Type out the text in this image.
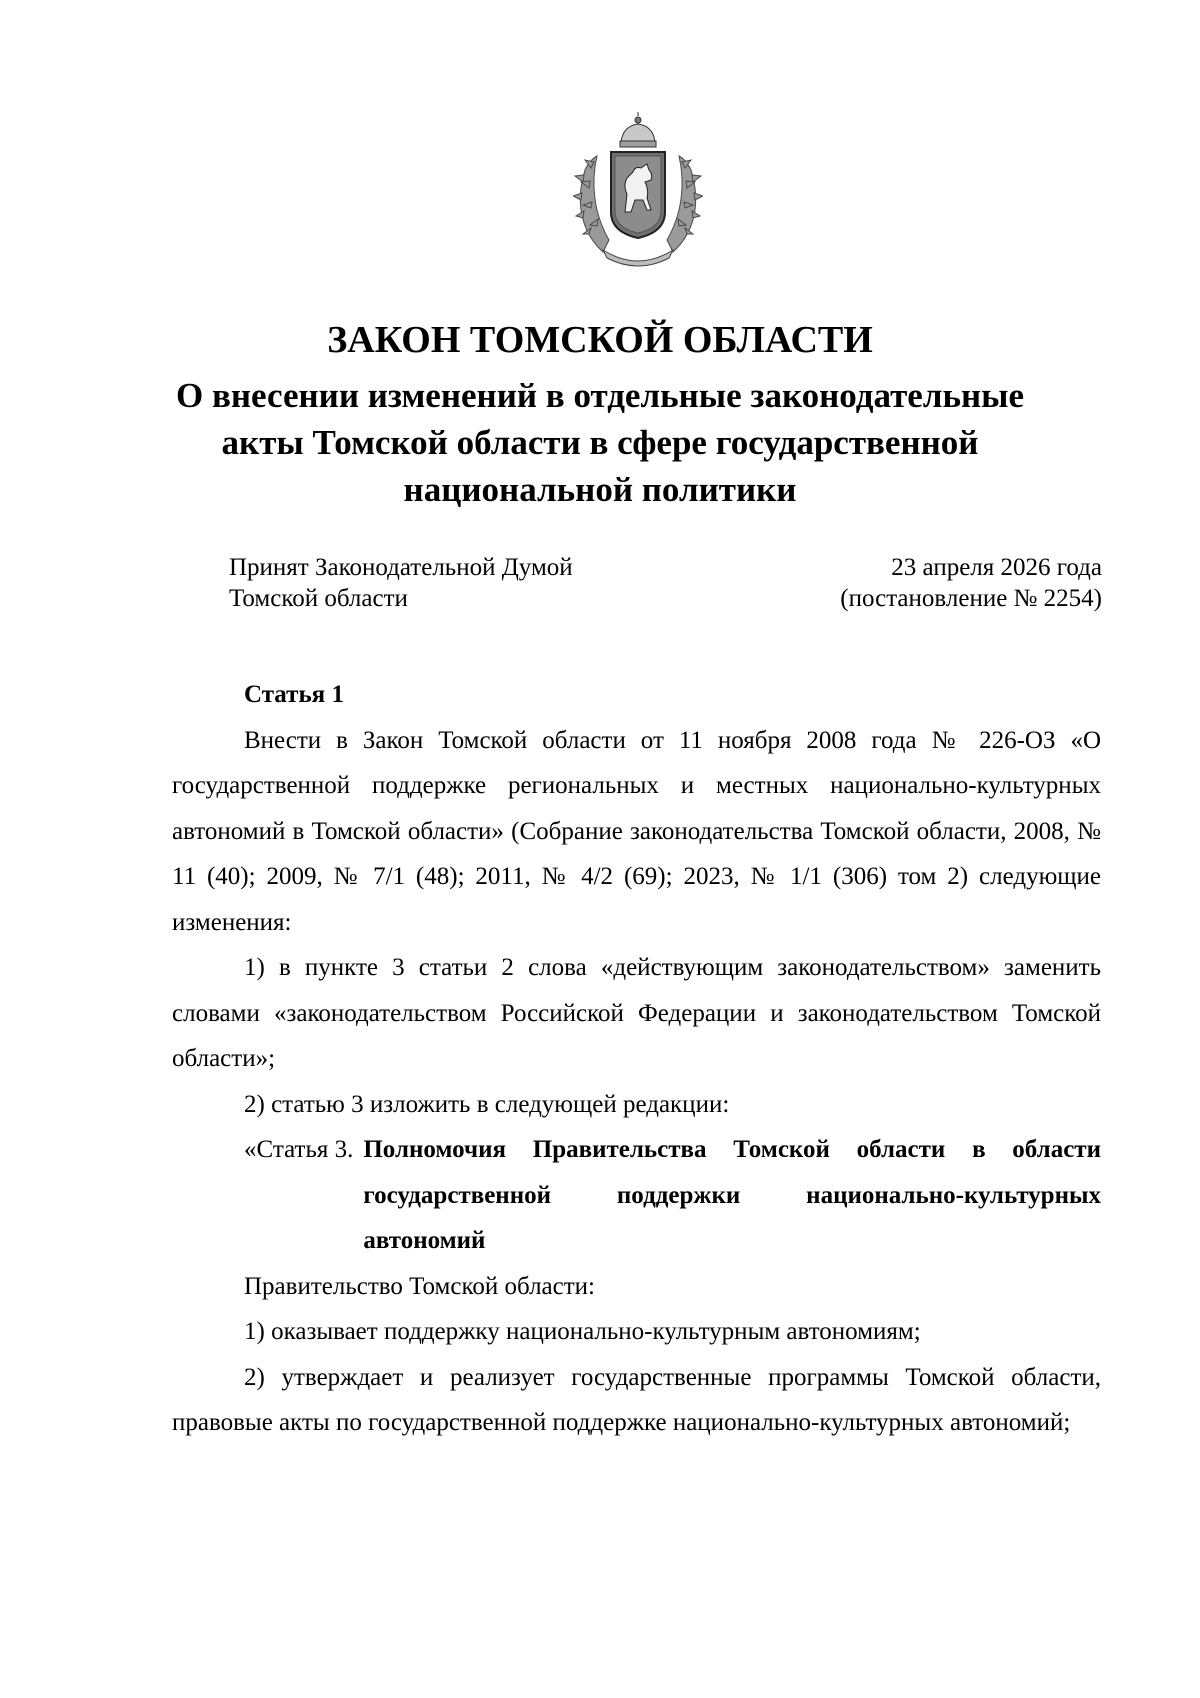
ЗАКОН ТОМСКОЙ ОБЛАСТИ
О внесении изменений в отдельные законодательные акты Томской области в сфере государственной национальной политики
Принят Законодательной Думой
Томской области
23 апреля 2026 года
(постановление № 2254)

Статья 1

Внести в Закон Томской области от 11 ноября 2008 года № 226-ОЗ «О государственной поддержке региональных и местных национально-культурных автономий в Томской области» (Собрание законодательства Томской области, 2008, № 11 (40); 2009, № 7/1 (48); 2011, № 4/2 (69); 2023, № 1/1 (306) том 2) следующие изменения:

1) в пункте 3 статьи 2 слова «действующим законодательством» заменить словами «законодательством Российской Федерации и законодательством Томской области»;

2) статью 3 изложить в следующей редакции:

«Статья 3. Полномочия Правительства Томской области в области государственной поддержки национально-культурных автономий

Правительство Томской области:

1) оказывает поддержку национально-культурным автономиям;

2) утверждает и реализует государственные программы Томской области, правовые акты по государственной поддержке национально-культурных автономий;
